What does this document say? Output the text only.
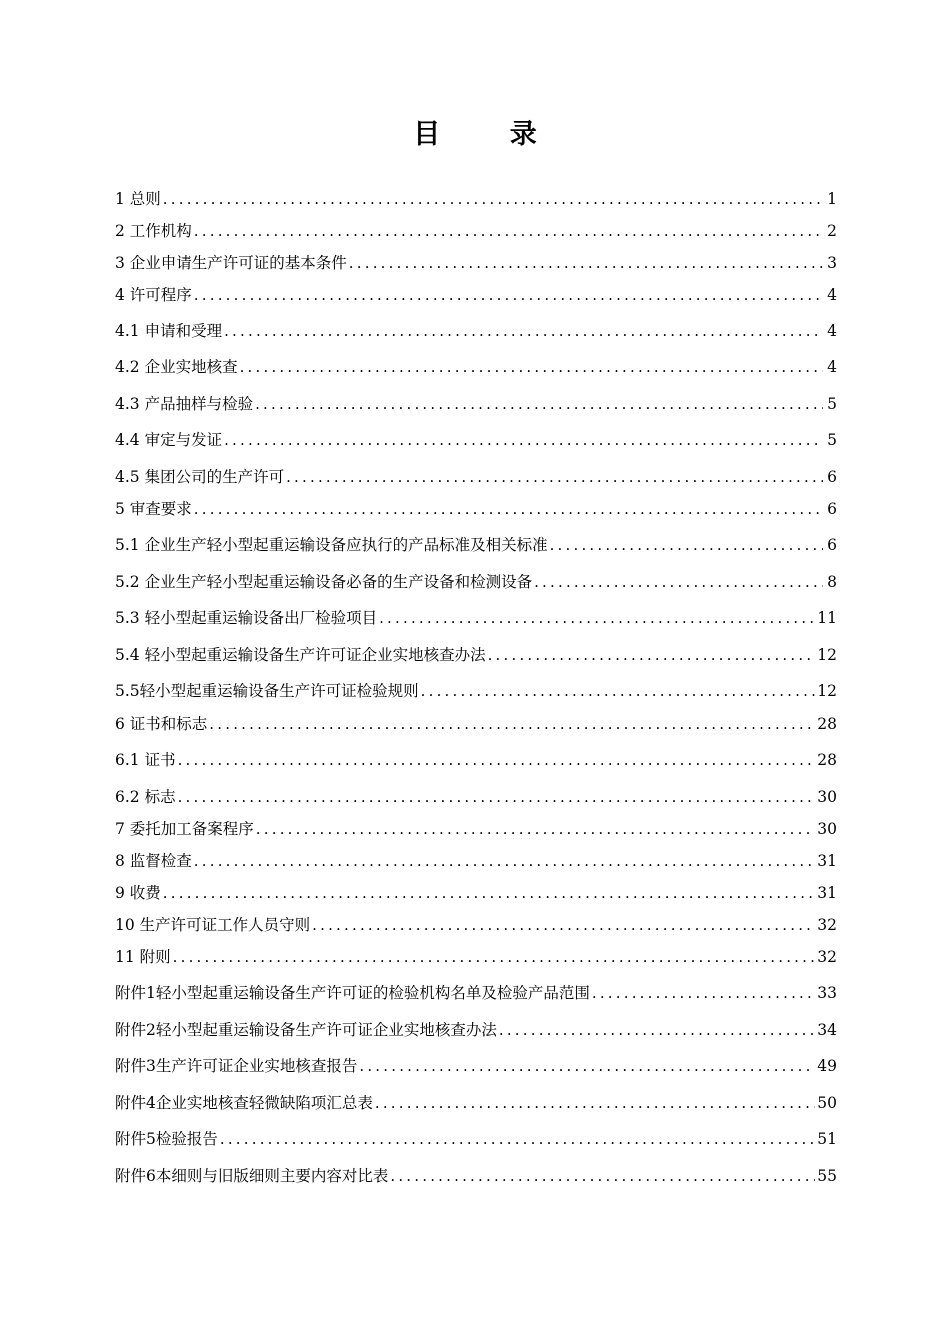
目 录
1 总则 .....	1
2 工作机构 .....	2
3 企业申请生产许可证的基本条件 .....	3
4 许可程序 .....	4
4.1 申请和受理 .....	4
4.2 企业实地核查 .....	4
4.3 产品抽样与检验 .....	5
4.4 审定与发证 .....	5
4.5 集团公司的生产许可 .....	6
5 审查要求 .....	6
5.1 企业生产轻小型起重运输设备应执行的产品标准及相关标准 .....	6
5.2 企业生产轻小型起重运输设备必备的生产设备和检测设备 .....	8
5.3 轻小型起重运输设备出厂检验项目 .....	11
5.4 轻小型起重运输设备生产许可证企业实地核查办法 .....	12
5.5轻小型起重运输设备生产许可证检验规则 .....	12
6 证书和标志 .....	28
6.1 证书 .....	28
6.2 标志 .....	30
7 委托加工备案程序 .....	30
8 监督检查 .....	31
9 收费 .....	31
10 生产许可证工作人员守则 .....	32
11 附则 .....	32
附件1轻小型起重运输设备生产许可证的检验机构名单及检验产品范围 .....	33
附件2轻小型起重运输设备生产许可证企业实地核查办法 .....	34
附件3生产许可证企业实地核查报告 .....	49
附件4企业实地核查轻微缺陷项汇总表 .....	50
附件5检验报告 .....	51
附件6本细则与旧版细则主要内容对比表 .....	55
